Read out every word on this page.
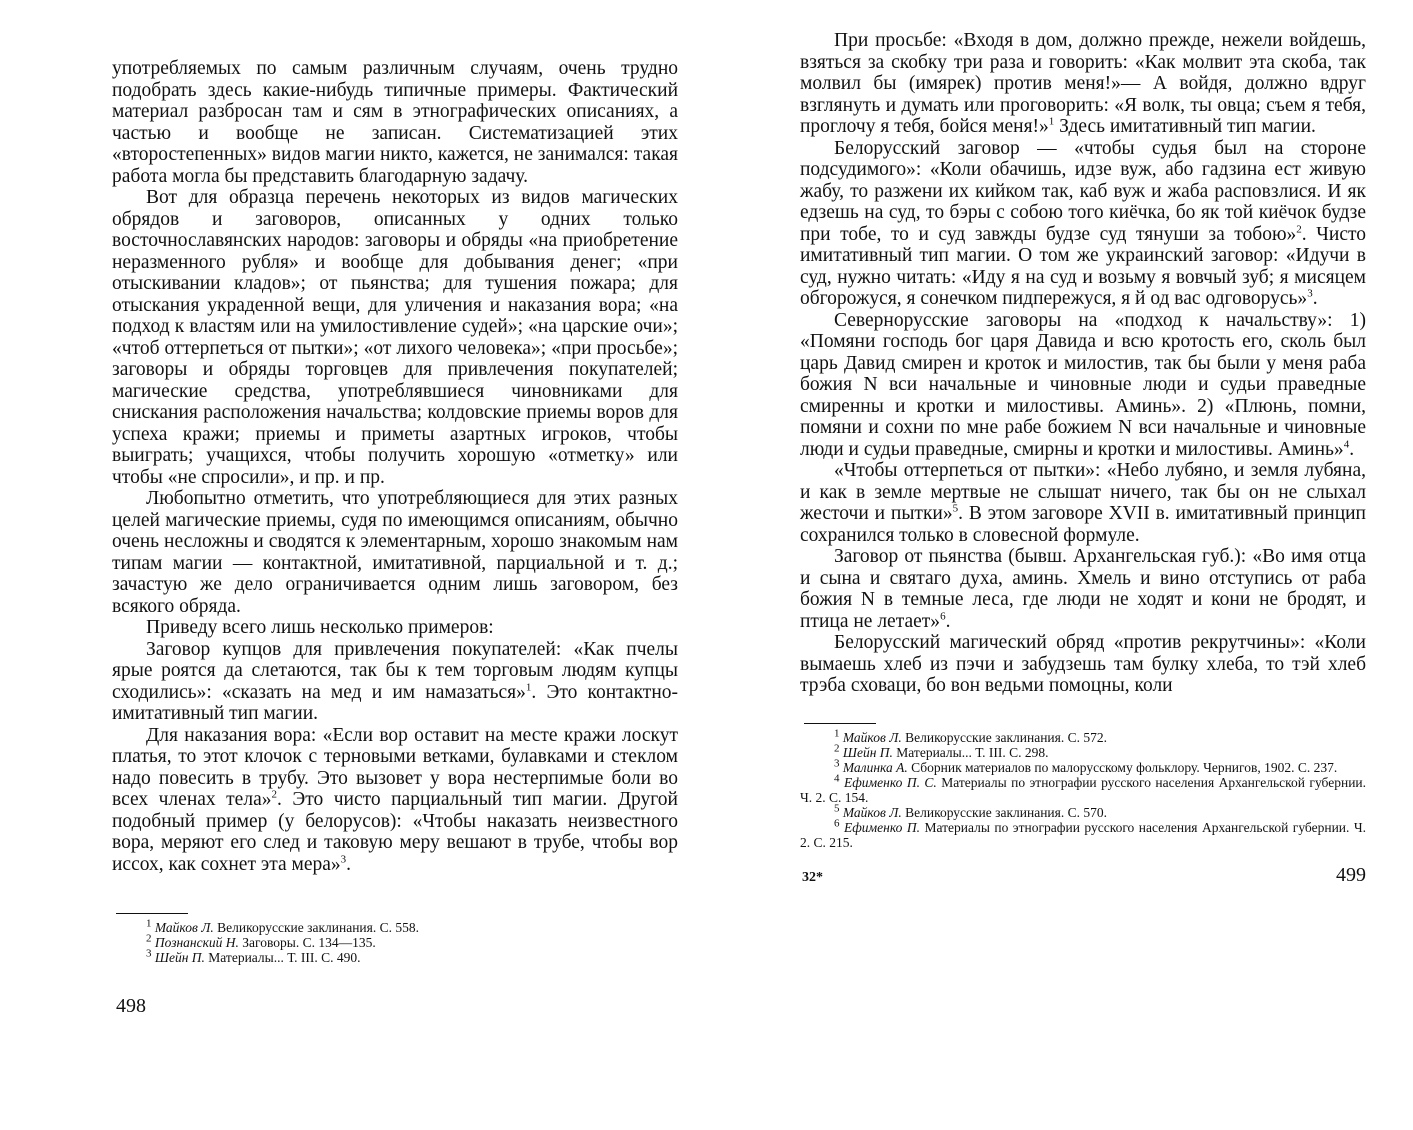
употребляемых по самым различным случаям, очень трудно подобрать здесь какие-нибудь типичные примеры. Фактический материал разбросан там и сям в этнографических описаниях, а частью и вообще не записан. Систематизацией этих «второстепенных» видов магии никто, кажется, не занимался: такая работа могла бы представить благодарную задачу.

Вот для образца перечень некоторых из видов магических обрядов и заговоров, описанных у одних только восточнославянских народов: заговоры и обряды «на приобретение неразменного рубля» и вообще для добывания денег; «при отыскивании кладов»; от пьянства; для тушения пожара; для отыскания украденной вещи, для уличения и наказания вора; «на подход к властям или на умилостивление судей»; «на царские очи»; «чтоб оттерпеться от пытки»; «от лихого человека»; «при просьбе»; заговоры и обряды торговцев для привлечения покупателей; магические средства, употреблявшиеся чиновниками для снискания расположения начальства; колдовские приемы воров для успеха кражи; приемы и приметы азартных игроков, чтобы выиграть; учащихся, чтобы получить хорошую «отметку» или чтобы «не спросили», и пр. и пр.

Любопытно отметить, что употребляющиеся для этих разных целей магические приемы, судя по имеющимся описаниям, обычно очень несложны и сводятся к элементарным, хорошо знакомым нам типам магии — контактной, имитативной, парциальной и т. д.; зачастую же дело ограничивается одним лишь заговором, без всякого обряда.

Приведу всего лишь несколько примеров:

Заговор купцов для привлечения покупателей: «Как пчелы ярые роятся да слетаются, так бы к тем торговым людям купцы сходились»: «сказать на мед и им намазаться»$^1$. Это контактно-имитативный тип магии.

Для наказания вора: «Если вор оставит на месте кражи лоскут платья, то этот клочок с терновыми ветками, булавками и стеклом надо повесить в трубу. Это вызовет у вора нестерпимые боли во всех членах тела»$^2$. Это чисто парциальный тип магии. Другой подобный пример (у белорусов): «Чтобы наказать неизвестного вора, меряют его след и таковую меру вешают в трубе, чтобы вор иссох, как сохнет эта мера»$^3$.

$^1$ Майков Л. Великорусские заклинания. С. 558.

$^2$ Познанский Н. Заговоры. С. 134—135.

$^3$ Шейн П. Материалы... Т. III. С. 490.

498

При просьбе: «Входя в дом, должно прежде, нежели войдешь, взяться за скобку три раза и говорить: «Как молвит эта скоба, так молвил бы (имярек) против меня!»— А войдя, должно вдруг взглянуть и думать или проговорить: «Я волк, ты овца; съем я тебя, проглочу я тебя, бойся меня!»$^1$ Здесь имитативный тип магии.

Белорусский заговор — «чтобы судья был на стороне подсудимого»: «Коли обачишь, идзе вуж, або гадзина ест живую жабу, то разжени их кийком так, каб вуж и жаба расповзлися. И як едзешь на суд, то бэры с собою того киёчка, бо як той киёчок будзе при тобе, то и суд завжды будзе суд тянуши за тобою»$^2$. Чисто имитативный тип магии. О том же украинский заговор: «Идучи в суд, нужно читать: «Иду я на суд и возьму я вовчый зуб; я мисяцем обгорожуся, я сонечком пидпережуся, я й од вас одговорусь»$^3$.

Севернорусские заговоры на «подход к начальству»: 1) «Помяни господь бог царя Давида и всю кротость его, сколь был царь Давид смирен и кроток и милостив, так бы были у меня раба божия N вси начальные и чиновные люди и судьи праведные смиренны и кротки и милостивы. Аминь». 2) «Плюнь, помни, помяни и сохни по мне рабе божием N вси начальные и чиновные люди и судьи праведные, смирны и кротки и милостивы. Аминь»$^4$.

«Чтобы оттерпеться от пытки»: «Небо лубяно, и земля лубяна, и как в земле мертвые не слышат ничего, так бы он не слыхал жесточи и пытки»$^5$. В этом заговоре XVII в. имитативный принцип сохранился только в словесной формуле.

Заговор от пьянства (бывш. Архангельская губ.): «Во имя отца и сына и святаго духа, аминь. Хмель и вино отступись от раба божия N в темные леса, где люди не ходят и кони не бродят, и птица не летает»$^6$.

Белорусский магический обряд «против рекрутчины»: «Коли вымаешь хлеб из пэчи и забудзешь там булку хлеба, то тэй хлеб трэба сховаци, бо вон ведьми помоцны, коли

$^1$ Майков Л. Великорусские заклинания. С. 572.

$^2$ Шейн П. Материалы... Т. III. С. 298.

$^3$ Малинка А. Сборник материалов по малорусскому фольклору. Чернигов, 1902. С. 237.

$^4$ Ефименко П. С. Материалы по этнографии русского населения Архангельской губернии. Ч. 2. С. 154.

$^5$ Майков Л. Великорусские заклинания. С. 570.

$^6$ Ефименко П. Материалы по этнографии русского населения Архангельской губернии. Ч. 2. С. 215.

32*	499
